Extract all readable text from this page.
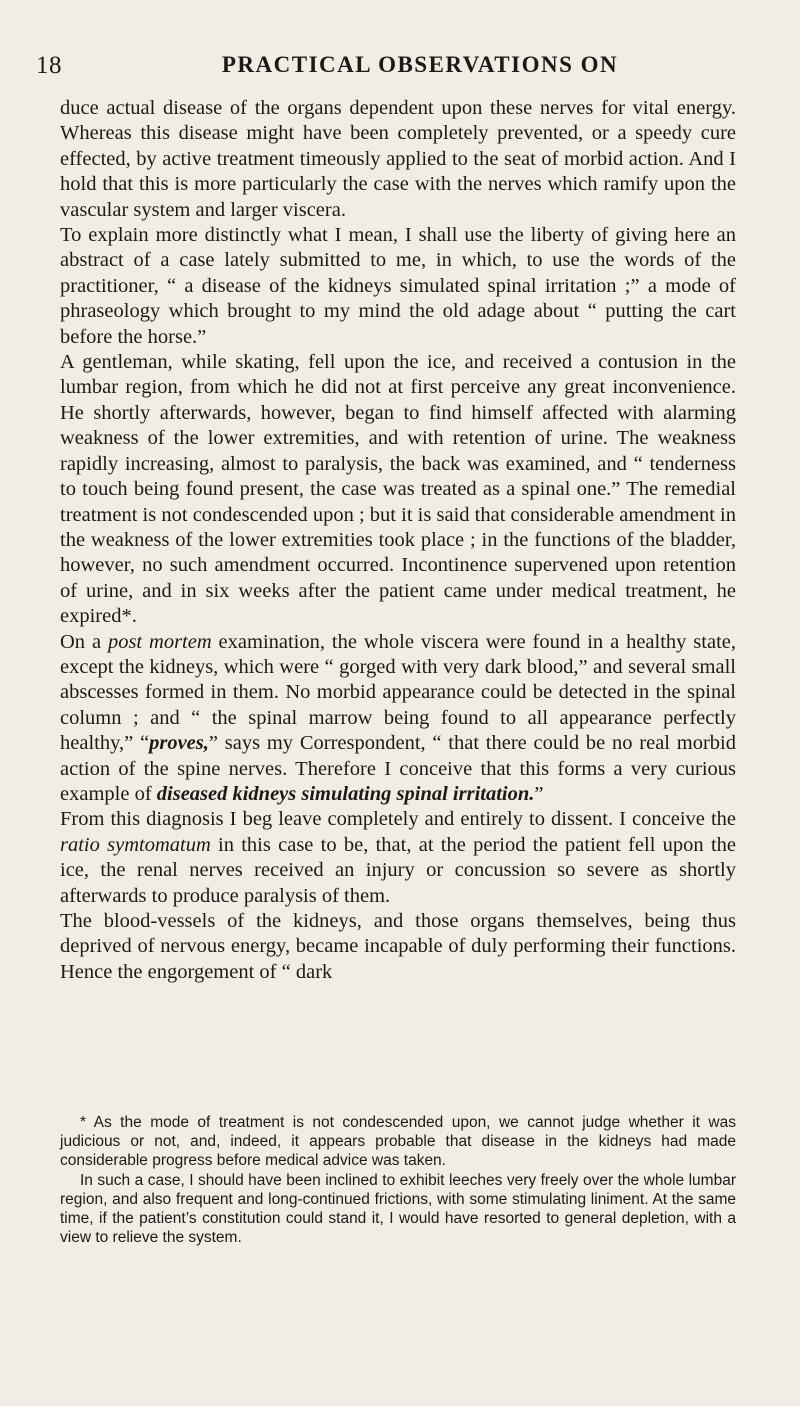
18	PRACTICAL OBSERVATIONS ON

duce actual disease of the organs dependent upon these nerves for vital energy. Whereas this disease might have been completely prevented, or a speedy cure effected, by active treatment timeously applied to the seat of morbid action. And I hold that this is more particularly the case with the nerves which ramify upon the vascular system and larger viscera.

To explain more distinctly what I mean, I shall use the liberty of giving here an abstract of a case lately submitted to me, in which, to use the words of the practitioner, “ a disease of the kidneys simulated spinal irritation ;” a mode of phraseology which brought to my mind the old adage about “ putting the cart before the horse.”

A gentleman, while skating, fell upon the ice, and received a contusion in the lumbar region, from which he did not at first perceive any great inconvenience. He shortly afterwards, however, began to find himself affected with alarming weakness of the lower extremities, and with retention of urine. The weakness rapidly increasing, almost to paralysis, the back was examined, and “ tenderness to touch being found present, the case was treated as a spinal one.” The remedial treatment is not condescended upon ; but it is said that considerable amendment in the weakness of the lower extremities took place ; in the functions of the bladder, however, no such amendment occurred. Incontinence supervened upon retention of urine, and in six weeks after the patient came under medical treatment, he expired*.

On a post mortem examination, the whole viscera were found in a healthy state, except the kidneys, which were “ gorged with very dark blood,” and several small abscesses formed in them. No morbid appearance could be detected in the spinal column ; and “ the spinal marrow being found to all appearance perfectly healthy,” “proves,” says my Correspondent, “ that there could be no real morbid action of the spine nerves. Therefore I conceive that this forms a very curious example of diseased kidneys simulating spinal irritation.”

From this diagnosis I beg leave completely and entirely to dissent. I conceive the ratio symtomatum in this case to be, that, at the period the patient fell upon the ice, the renal nerves received an injury or concussion so severe as shortly afterwards to produce paralysis of them.

The blood-vessels of the kidneys, and those organs themselves, being thus deprived of nervous energy, became incapable of duly performing their functions. Hence the engorgement of “ dark

* As the mode of treatment is not condescended upon, we cannot judge whether it was judicious or not, and, indeed, it appears probable that disease in the kidneys had made considerable progress before medical advice was taken.

In such a case, I should have been inclined to exhibit leeches very freely over the whole lumbar region, and also frequent and long-continued frictions, with some stimulating liniment. At the same time, if the patient’s constitution could stand it, I would have resorted to general depletion, with a view to relieve the system.
